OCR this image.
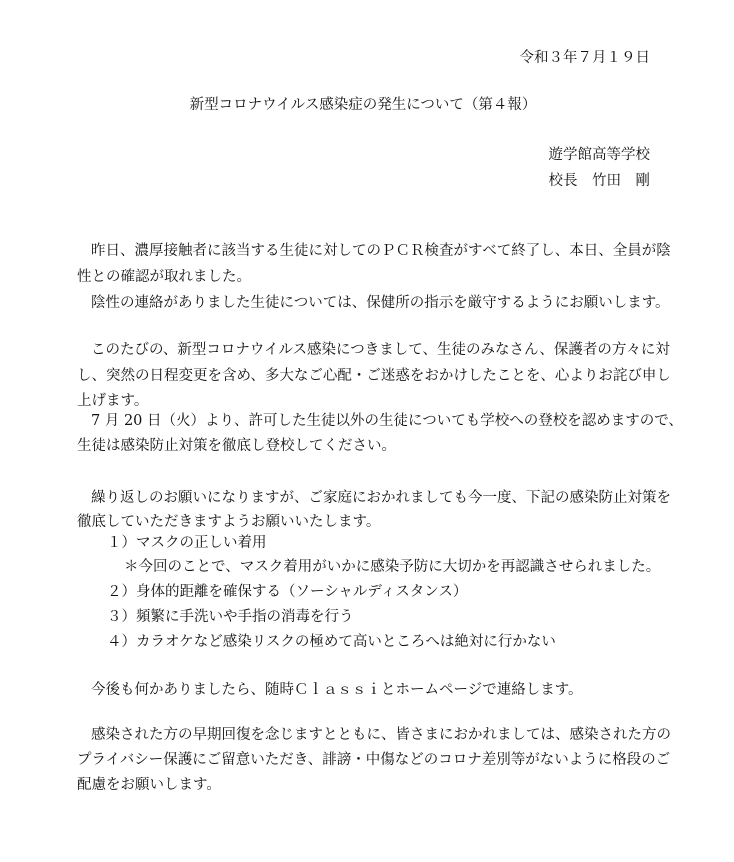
令和３年７月１９日
新型コロナウイルス感染症の発生について（第４報）
遊学館高等学校
校長　竹田　剛
昨日、濃厚接触者に該当する生徒に対してのＰＣＲ検査がすべて終了し、本日、全員が陰
性との確認が取れました。
陰性の連絡がありました生徒については、保健所の指示を厳守するようにお願いします。
このたびの、新型コロナウイルス感染につきまして、生徒のみなさん、保護者の方々に対
し、突然の日程変更を含め、多大なご心配・ご迷惑をおかけしたことを、心よりお詫び申し
上げます。
7 月 20 日（火）より、許可した生徒以外の生徒についても学校への登校を認めますので、
生徒は感染防止対策を徹底し登校してください。
繰り返しのお願いになりますが、ご家庭におかれましても今一度、下記の感染防止対策を
徹底していただきますようお願いいたします。
１）マスクの正しい着用
＊今回のことで、マスク着用がいかに感染予防に大切かを再認識させられました。
２）身体的距離を確保する（ソーシャルディスタンス）
３）頻繁に手洗いや手指の消毒を行う
４）カラオケなど感染リスクの極めて高いところへは絶対に行かない
今後も何かありましたら、随時Ｃｌａｓｓｉとホームページで連絡します。
感染された方の早期回復を念じますとともに、皆さまにおかれましては、感染された方の
プライバシー保護にご留意いただき、誹謗・中傷などのコロナ差別等がないように格段のご
配慮をお願いします。
